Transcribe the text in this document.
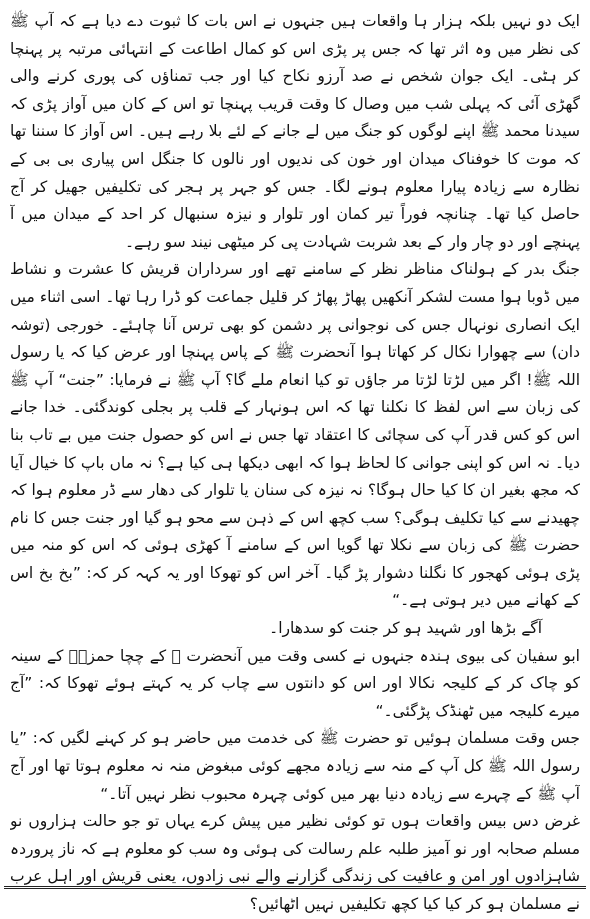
ایک دو نہیں بلکہ ہزار ہا واقعات ہیں جنہوں نے اس بات کا ثبوت دے دیا ہے کہ آپ ﷺ کی نظر میں وہ اثر تھا کہ جس پر پڑی اس کو کمال اطاعت کے انتہائی مرتبہ پر پہنچا کر ہٹی۔ ایک جوان شخص نے صد آرزو نکاح کیا اور جب تمناؤں کی پوری کرنے والی گھڑی آئی کہ پہلی شب میں وصال کا وقت قریب پہنچا تو اس کے کان میں آواز پڑی کہ سیدنا محمد ﷺ اپنے لوگوں کو جنگ میں لے جانے کے لئے بلا رہے ہیں۔ اس آواز کا سننا تھا کہ موت کا خوفناک میدان اور خون کی ندیوں اور نالوں کا جنگل اس پیاری بی بی کے نظارہ سے زیادہ پیارا معلوم ہونے لگا۔ جس کو جہر پر ہجر کی تکلیفیں جھیل کر آج حاصل کیا تھا۔ چنانچہ فوراً تیر کمان اور تلوار و نیزہ سنبھال کر احد کے میدان میں آ پہنچے اور دو چار وار کے بعد شربت شہادت پی کر میٹھی نیند سو رہے۔

جنگ بدر کے ہولناک مناظر نظر کے سامنے تھے اور سرداران قریش کا عشرت و نشاط میں ڈوبا ہوا مست لشکر آنکھیں پھاڑ پھاڑ کر قلیل جماعت کو ڈرا رہا تھا۔ اسی اثناء میں ایک انصاری نونہال جس کی نوجوانی پر دشمن کو بھی ترس آنا چاہئے۔ خورجی (توشہ دان) سے چھوارا نکال کر کھاتا ہوا آنحضرت ﷺ کے پاس پہنچا اور عرض کیا کہ یا رسول اللہ ﷺ! اگر میں لڑتا لڑتا مر جاؤں تو کیا انعام ملے گا؟ آپ ﷺ نے فرمایا: ”جنت“ آپ ﷺ کی زبان سے اس لفظ کا نکلنا تھا کہ اس ہونہار کے قلب پر بجلی کوندگئی۔ خدا جانے اس کو کس قدر آپ کی سچائی کا اعتقاد تھا جس نے اس کو حصول جنت میں بے تاب بنا دیا۔ نہ اس کو اپنی جوانی کا لحاظ ہوا کہ ابھی دیکھا ہی کیا ہے؟ نہ ماں باپ کا خیال آیا کہ مجھ بغیر ان کا کیا حال ہوگا؟ نہ نیزہ کی سنان یا تلوار کی دھار سے ڈر معلوم ہوا کہ چھیدنے سے کیا تکلیف ہوگی؟ سب کچھ اس کے ذہن سے محو ہو گیا اور جنت جس کا نام حضرت ﷺ کی زبان سے نکلا تھا گویا اس کے سامنے آ کھڑی ہوئی کہ اس کو منہ میں پڑی ہوئی کھجور کا نگلنا دشوار پڑ گیا۔ آخر اس کو تھوکا اور یہ کہہ کر کہ: ”بخ بخ اس کے کھانے میں دیر ہوتی ہے۔“

آگے بڑھا اور شہید ہو کر جنت کو سدھارا۔

ابو سفیان کی بیوی ہندہ جنہوں نے کسی وقت میں آنحضرت ﷺ کے چچا حمزہؓ کے سینہ کو چاک کر کے کلیجہ نکالا اور اس کو دانتوں سے چاب کر یہ کہتے ہوئے تھوکا کہ: ”آج میرے کلیجہ میں ٹھنڈک پڑگئی۔“

جس وقت مسلمان ہوئیں تو حضرت ﷺ کی خدمت میں حاضر ہو کر کہنے لگیں کہ: ”یا رسول اللہ ﷺ کل آپ کے منہ سے زیادہ مجھے کوئی مبغوض منہ نہ معلوم ہوتا تھا اور آج آپ ﷺ کے چہرے سے زیادہ دنیا بھر میں کوئی چہرہ محبوب نظر نہیں آتا۔“

غرض دس بیس واقعات ہوں تو کوئی نظیر میں پیش کرے یہاں تو جو حالت ہزاروں نو مسلم صحابہ اور نو آمیز طلبہ علم رسالت کی ہوئی وہ سب کو معلوم ہے کہ ناز پروردہ شاہزادوں اور امن و عافیت کی زندگی گزارنے والے نبی زادوں، یعنی قریش اور اہل عرب نے مسلمان ہو کر کیا کیا کچھ تکلیفیں نہیں اٹھائیں؟
